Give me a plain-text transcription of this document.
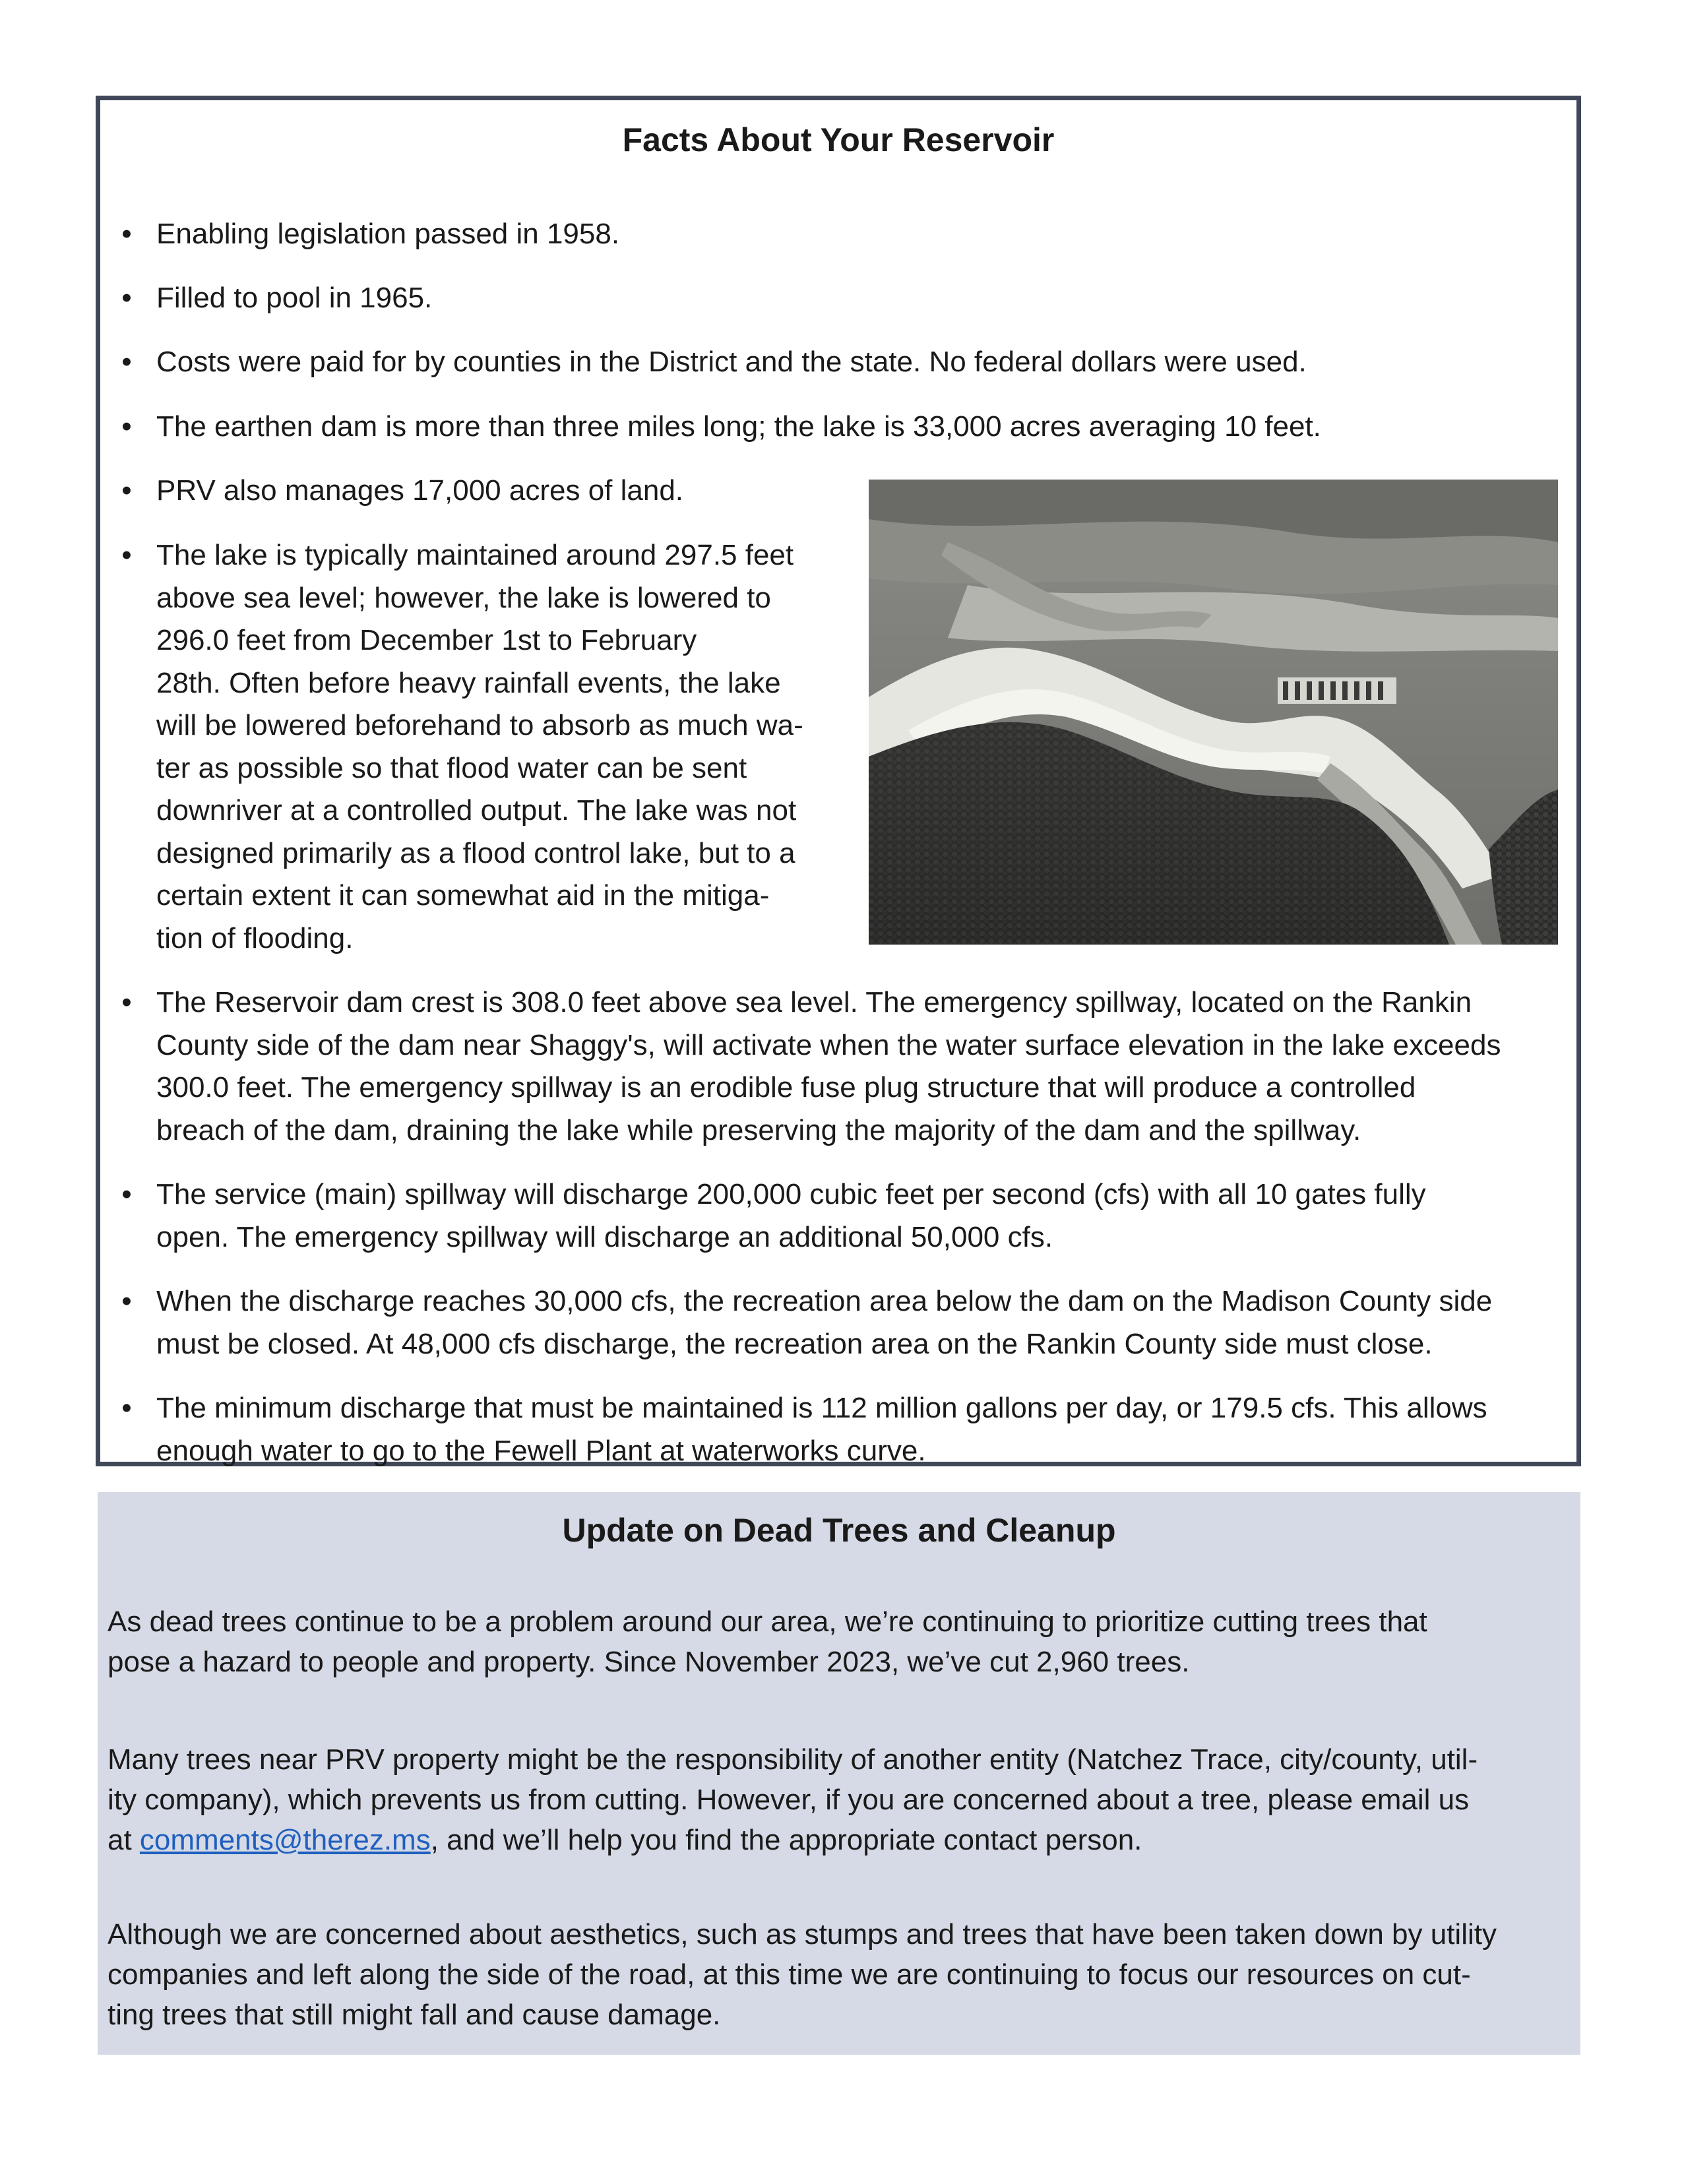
Facts About Your Reservoir
• Enabling legislation passed in 1958.
• Filled to pool in 1965.
• Costs were paid for by counties in the District and the state. No federal dollars were used.
• The earthen dam is more than three miles long; the lake is 33,000 acres averaging 10 feet.
• PRV also manages 17,000 acres of land.
• The lake is typically maintained around 297.5 feet
above sea level; however, the lake is lowered to
296.0 feet from December 1st to February
28th. Often before heavy rainfall events, the lake
will be lowered beforehand to absorb as much wa-
ter as possible so that flood water can be sent
downriver at a controlled output. The lake was not
designed primarily as a flood control lake, but to a
certain extent it can somewhat aid in the mitiga-
tion of flooding.
• The Reservoir dam crest is 308.0 feet above sea level. The emergency spillway, located on the Rankin
County side of the dam near Shaggy's, will activate when the water surface elevation in the lake exceeds
300.0 feet. The emergency spillway is an erodible fuse plug structure that will produce a controlled
breach of the dam, draining the lake while preserving the majority of the dam and the spillway.
• The service (main) spillway will discharge 200,000 cubic feet per second (cfs) with all 10 gates fully
open. The emergency spillway will discharge an additional 50,000 cfs.
• When the discharge reaches 30,000 cfs, the recreation area below the dam on the Madison County side
must be closed. At 48,000 cfs discharge, the recreation area on the Rankin County side must close.
• The minimum discharge that must be maintained is 112 million gallons per day, or 179.5 cfs. This allows
enough water to go to the Fewell Plant at waterworks curve.
Update on Dead Trees and Cleanup
As dead trees continue to be a problem around our area, we’re continuing to prioritize cutting trees that
pose a hazard to people and property. Since November 2023, we’ve cut 2,960 trees.
Many trees near PRV property might be the responsibility of another entity (Natchez Trace, city/county, util-
ity company), which prevents us from cutting. However, if you are concerned about a tree, please email us
at comments@therez.ms, and we’ll help you find the appropriate contact person.
Although we are concerned about aesthetics, such as stumps and trees that have been taken down by utility
companies and left along the side of the road, at this time we are continuing to focus our resources on cut-
ting trees that still might fall and cause damage.
